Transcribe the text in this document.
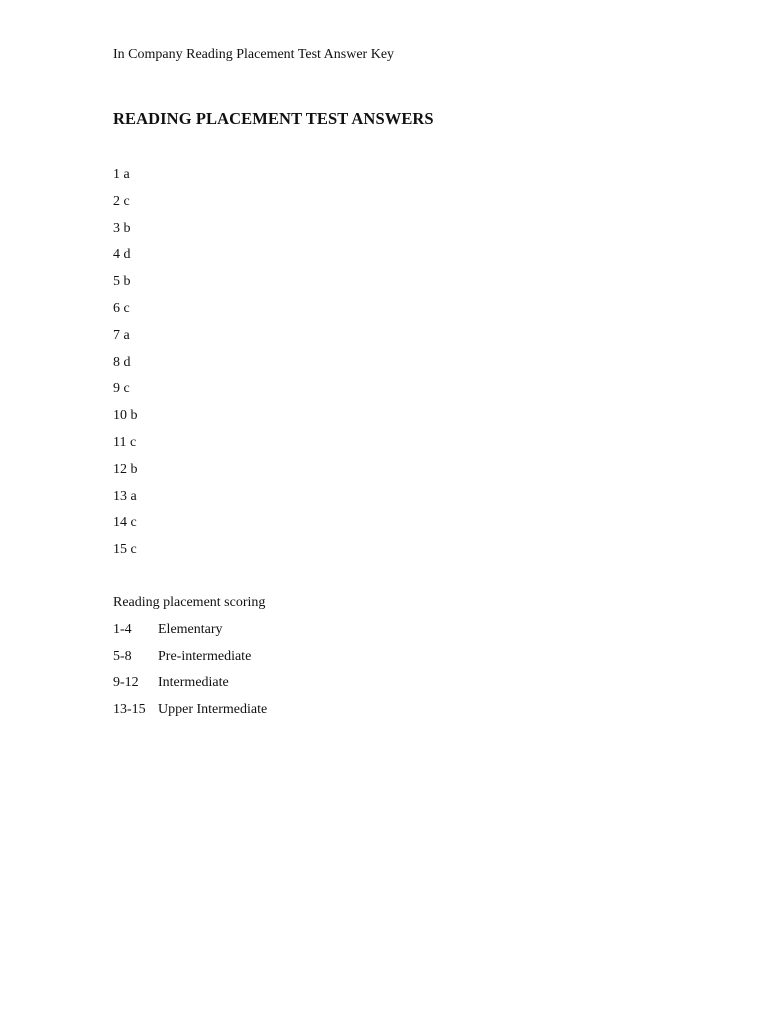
In Company Reading Placement Test Answer Key
READING PLACEMENT TEST ANSWERS
1 a
2 c
3 b
4 d
5 b
6 c
7 a
8 d
9 c
10 b
11 c
12 b
13 a
14 c
15 c
Reading placement scoring
1-4 Elementary
5-8 Pre-intermediate
9-12 Intermediate
13-15 Upper Intermediate
